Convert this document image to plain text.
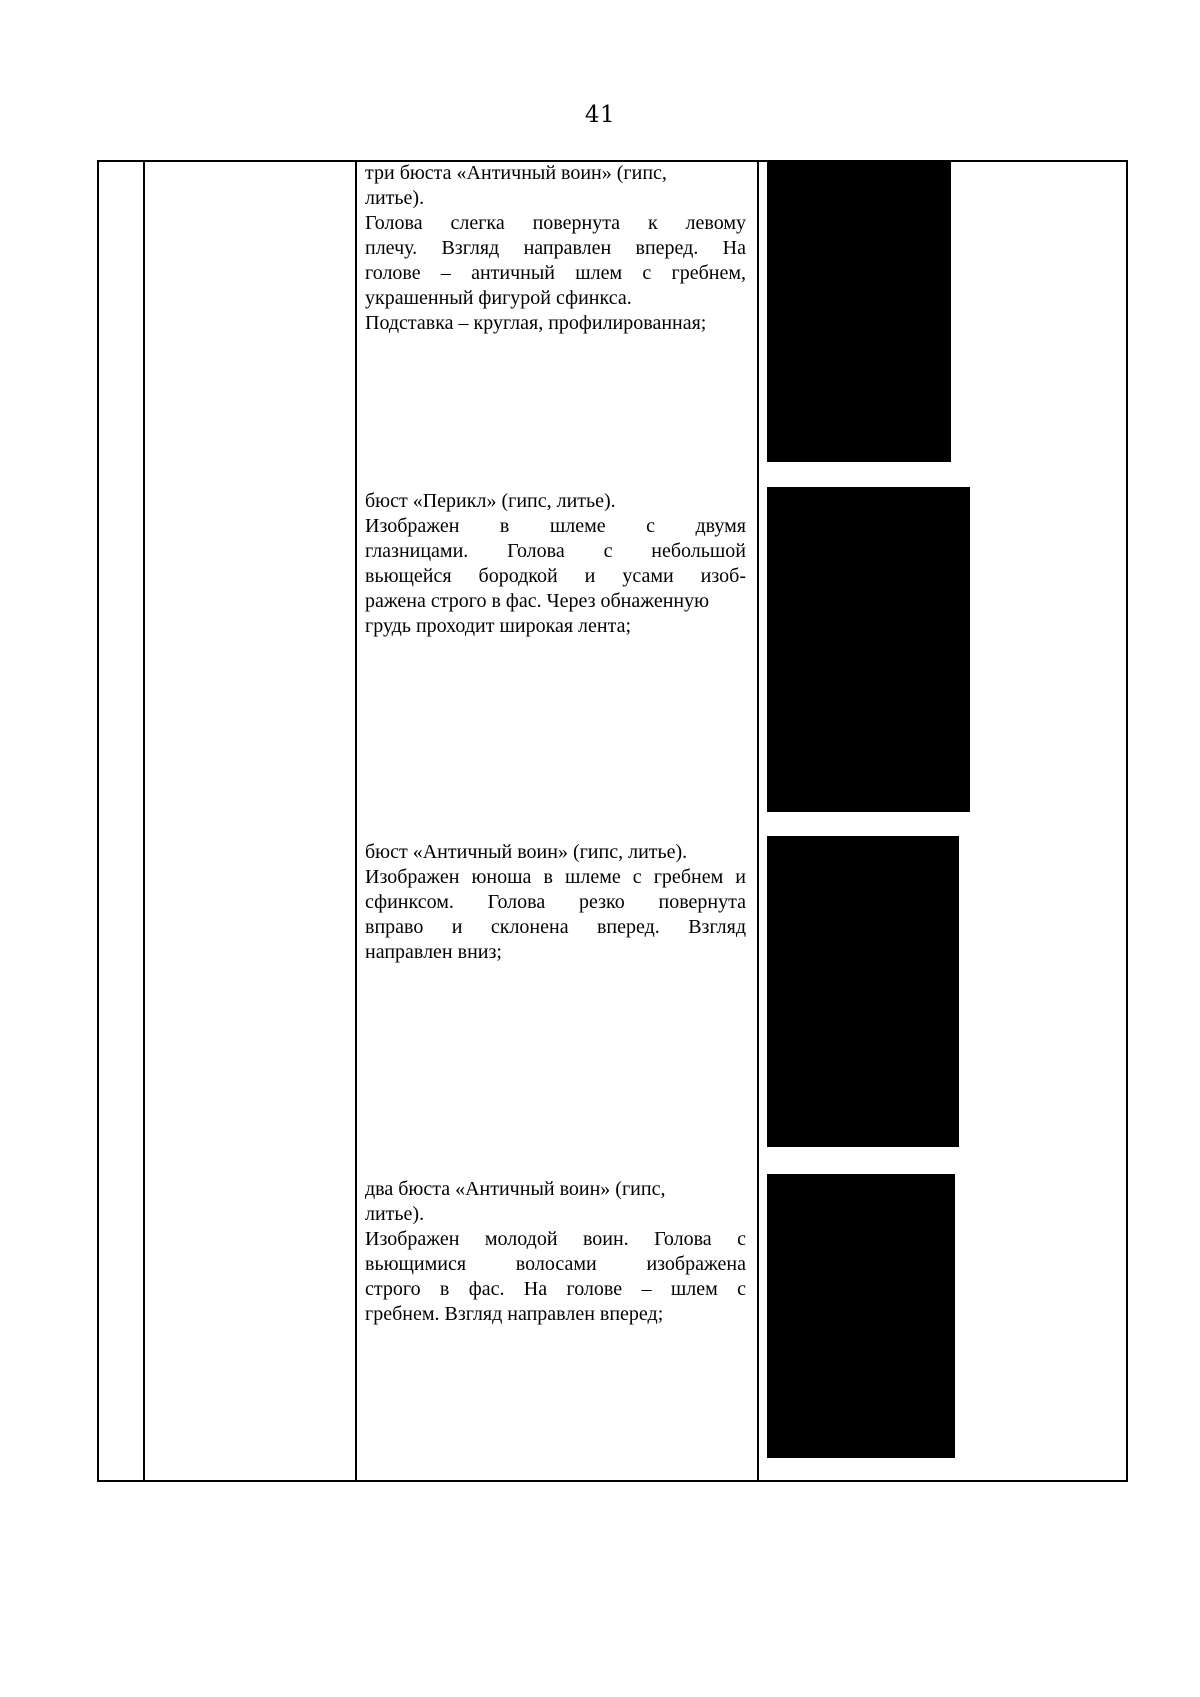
41
три бюста «Античный воин» (гипс,
литье).
Голова слегка повернута к левому
плечу. Взгляд направлен вперед. На
голове – античный шлем с гребнем,
украшенный фигурой сфинкса.
Подставка – круглая, профилированная;
бюст «Перикл» (гипс, литье).
Изображен в шлеме с двумя
глазницами. Голова с небольшой
вьющейся бородкой и усами изоб-
ражена строго в фас. Через обнаженную
грудь проходит широкая лента;
бюст «Античный воин» (гипс, литье).
Изображен юноша в шлеме с гребнем и
сфинксом. Голова резко повернута
вправо и склонена вперед. Взгляд
направлен вниз;
два бюста «Античный воин» (гипс,
литье).
Изображен молодой воин. Голова с
вьющимися волосами изображена
строго в фас. На голове – шлем с
гребнем. Взгляд направлен вперед;
